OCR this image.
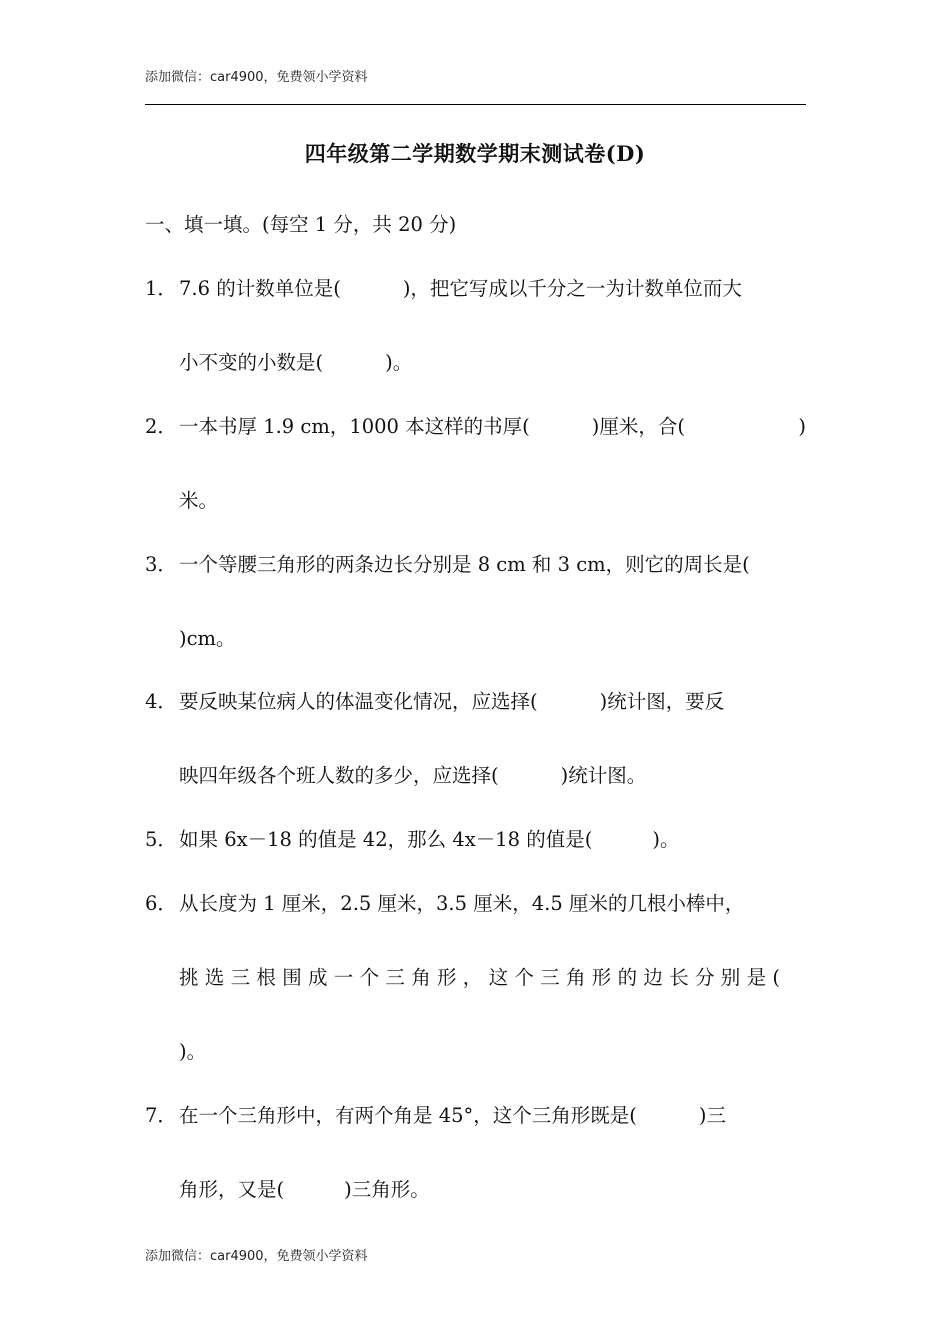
添加微信：car4900，免费领小学资料
四年级第二学期数学期末测试卷(D)
一、填一填。(每空 1 分，共 20 分)
1． 7.6 的计数单位是(	)，把它写成以千分之一为计数单位而大
小不变的小数是(	)。
2． 一本书厚 1.9 cm，1000 本这样的书厚(	)厘米，合(	)
米。
3． 一个等腰三角形的两条边长分别是 8 cm 和 3 cm，则它的周长是(
)cm。
4． 要反映某位病人的体温变化情况，应选择(	)统计图，要反
映四年级各个班人数的多少，应选择(	)统计图。
5． 如果 6x－18 的值是 42，那么 4x－18 的值是(	)。
6． 从长度为 1 厘米，2.5 厘米，3.5 厘米，4.5 厘米的几根小棒中，
挑选三根围成一个三角形，这个三角形的边长分别是(
)。
7． 在一个三角形中，有两个角是 45°，这个三角形既是(	)三
角形，又是(	)三角形。
添加微信：car4900，免费领小学资料
